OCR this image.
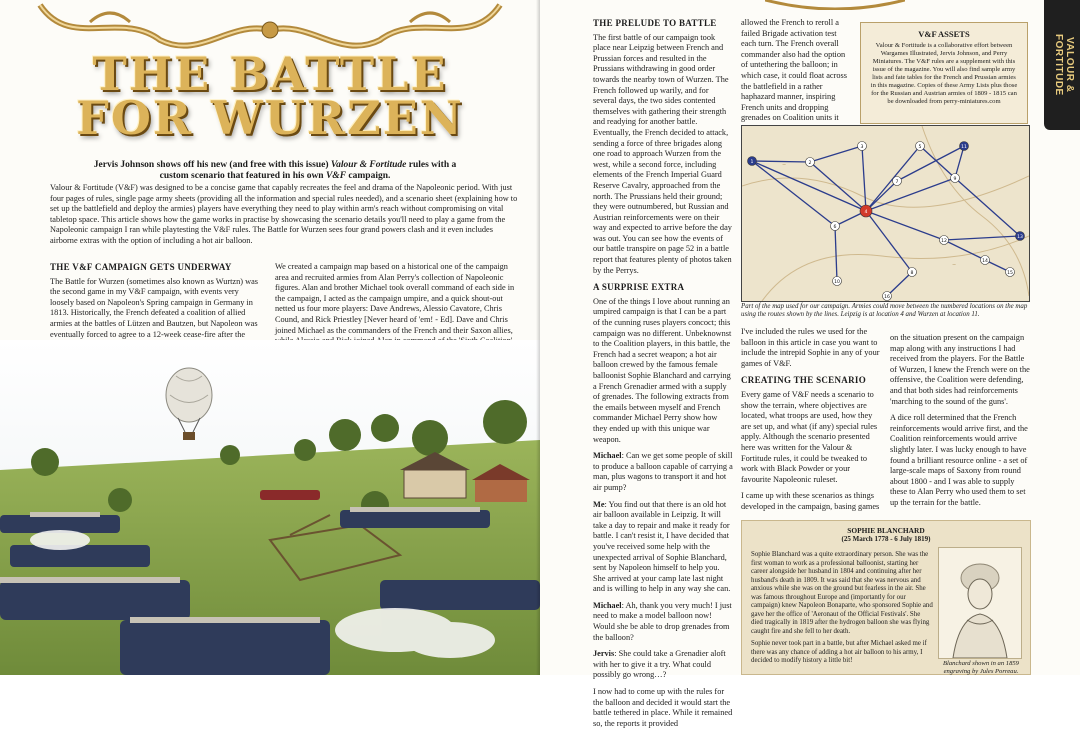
THE BATTLE
FOR WURZEN

Jervis Johnson shows off his new (and free with this issue) Valour & Fortitude rules with a custom scenario that featured in his own V&F campaign.

Valour & Fortitude (V&F) was designed to be a concise game that capably recreates the feel and drama of the Napoleonic period. With just four pages of rules, single page army sheets (providing all the information and special rules needed), and a scenario sheet (explaining how to set up the battlefield and deploy the armies) players have everything they need to play within arm's reach without compromising on vital tabletop space. This article shows how the game works in practise by showcasing the scenario details you'll need to play a game from the Napoleonic campaign I ran while playtesting the V&F rules. The Battle for Wurzen sees four grand powers clash and it even includes airborne extras with the option of including a hot air balloon.

THE V&F CAMPAIGN GETS UNDERWAY

The Battle for Wurzen (sometimes also known as Wurtzn) was the second game in my V&F campaign, with events very loosely based on Napoleon's Spring campaign in Germany in 1813. Historically, the French defeated a coalition of allied armies at the battles of Lützen and Bautzen, but Napoleon was eventually forced to agree to a 12-week cease-fire after the

We created a campaign map based on a historical one of the campaign area and recruited armies from Alan Perry's collection of Napoleonic figures. Alan and brother Michael took overall command of each side in the campaign, I acted as the campaign umpire, and a quick shout-out netted us four more players: Dave Andrews, Alessio Cavatore, Chris Cound, and Rick Priestley [Never heard of 'em! - Ed]. Dave and Chris joined Michael as the commanders of the French and their Saxon allies,

THE PRELUDE TO BATTLE

The first battle of our campaign took place near Leipzig between French and Prussian forces and resulted in the Prussians withdrawing in good order towards the nearby town of Wurzen. The French followed up warily, and for several days, the two sides contented themselves with gathering their strength and readying for another battle. Eventually, the French decided to attack, sending a force of three brigades along one road to approach Wurzen from the west, while a second force, including elements of the French Imperial Guard Reserve Cavalry, approached from the north. The Prussians held their ground; they were outnumbered, but Russian and Austrian reinforcements were on their way and expected to arrive before the day was out. You can see how the events of our battle transpire on page 52 in a battle report that features plenty of photos taken by the Perrys.

A SURPRISE EXTRA

One of the things I love about running an umpired campaign is that I can be a part of the cunning ruses players concoct; this campaign was no different. Unbeknownst to the Coalition players, in this battle, the French had a secret weapon; a hot air balloon crewed by the famous female balloonist Sophie Blanchard and carrying a French Grenadier armed with a supply of grenades. The following extracts from the emails between myself and French commander Michael Perry show how they ended up with this unique war weapon.

Michael: Can we get some people of skill to produce a balloon capable of carrying a man, plus wagons to transport it and hot air pump?

Me: You find out that there is an old hot air balloon available in Leipzig. It will take a day to repair and make it ready for battle. I can't resist it, I have decided that you've received some help with the unexpected arrival of Sophie Blanchard, sent by Napoleon himself to help you. She arrived at your camp late last night and is willing to help in any way she can.

Michael: Ah, thank you very much! I just need to make a model balloon now! Would she be able to drop grenades from the balloon?

Jervis: She could take a Grenadier aloft with her to give it a try. What could possibly go wrong…?

I now had to come up with the rules for the balloon and decided it would start the battle tethered in place. While it remained so, the reports it provided

allowed the French to reroll a failed Brigade activation test each turn. The French overall commander also had the option of untethering the balloon; in which case, it could float across the battlefield in a rather haphazard manner, inspiring French units and dropping grenades on Coalition units it

V&F ASSETS

Valour & Fortitude is a collaborative effort between Wargames Illustrated, Jervis Johnson, and Perry Miniatures. The V&F rules are a supplement with this issue of the magazine. You will also find sample army lists and fate tables for the French and Prussian armies in this magazine. Copies of these Army Lists plus those for the Russian and Austrian armies of 1809 - 1815 can be downloaded from perry-miniatures.com

VALOUR & FORTITUDE
~
~
1	2
3
4
5
6
7
8
9
10
11
12
13
14
15
16

Part of the map used for our campaign. Armies could move between the numbered locations on the map using the routes shown by the lines. Leipzig is at location 4 and Wurzen at location 11.

I've included the rules we used for the balloon in this article in case you want to include the intrepid Sophie in any of your games of V&F.

CREATING THE SCENARIO

Every game of V&F needs a scenario to show the terrain, where objectives are located, what troops are used, how they are set up, and what (if any) special rules apply. Although the scenario presented here was written for the Valour & Fortitude rules, it could be tweaked to work with Black Powder or your favourite Napoleonic ruleset.

I came up with these scenarios as things developed in the campaign, basing games

on the situation present on the campaign map along with any instructions I had received from the players. For the Battle of Wurzen, I knew the French were on the offensive, the Coalition were defending, and that both sides had reinforcements 'marching to the sound of the guns'.

A dice roll determined that the French reinforcements would arrive first, and the Coalition reinforcements would arrive slightly later. I was lucky enough to have found a brilliant resource online - a set of large-scale maps of Saxony from round about 1800 - and I was able to supply these to Alan Perry who used them to set up the terrain for the battle.

SOPHIE BLANCHARD
(25 March 1778 - 6 July 1819)

Sophie Blanchard was a quite extraordinary person. She was the first woman to work as a professional balloonist, starting her career alongside her husband in 1804 and continuing after her husband's death in 1809. It was said that she was nervous and anxious while she was on the ground but fearless in the air. She was famous throughout Europe and (importantly for our campaign) knew Napoleon Bonaparte, who sponsored Sophie and gave her the office of 'Aeronaut of the Official Festivals'. She died tragically in 1819 after the hydrogen balloon she was flying caught fire and she fell to her death.

Sophie never took part in a battle, but after Michael asked me if there was any chance of adding a hot air balloon to his army, I decided to modify history a little bit!	Blanchard shown in an 1859 engraving by Jules Porreau.
